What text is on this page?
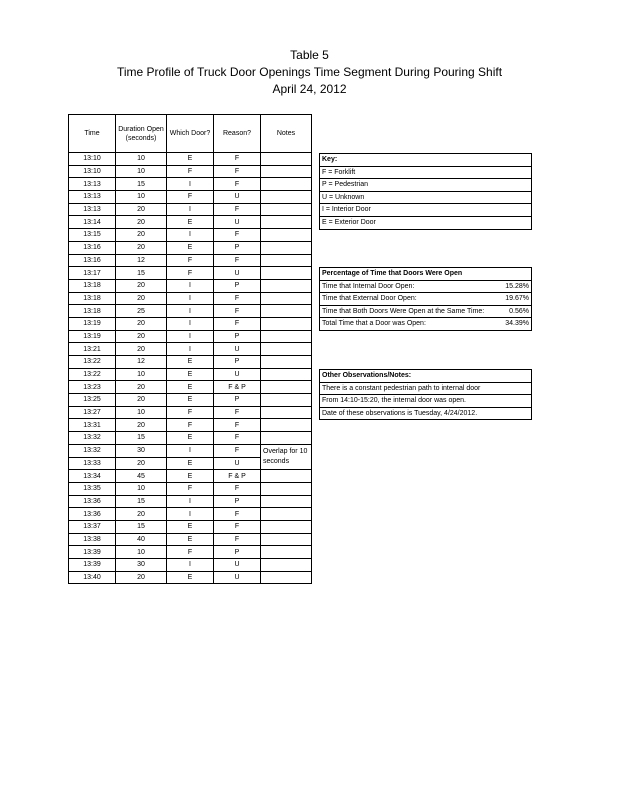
Table 5
Time Profile of Truck Door Openings Time Segment During Pouring Shift
April 24, 2012
Time	Duration Open (seconds)	Which Door?	Reason?	Notes
13:10	10	E	F	
13:10	10	F	F	
13:13	15	I	F	
13:13	10	F	U	
13:13	20	I	F	
13:14	20	E	U	
13:15	20	I	F	
13:16	20	E	P	
13:16	12	F	F	
13:17	15	F	U	
13:18	20	I	P	
13:18	20	I	F	
13:18	25	I	F	
13:19	20	I	F	
13:19	20	I	P	
13:21	20	I	U	
13:22	12	E	P	
13:22	10	E	U	
13:23	20	E	F & P	
13:25	20	E	P	
13:27	10	F	F	
13:31	20	F	F	
13:32	15	E	F	
13:32	30	I	F	Overlap for 10 seconds
13:33	20	E	U	
13:34	45	E	F & P	
13:35	10	F	F	
13:36	15	I	P	
13:36	20	I	F	
13:37	15	E	F	
13:38	40	E	F	
13:39	10	F	P	
13:39	30	I	U	
13:40	20	E	U	
Key:
F = Forklift
P = Pedestrian
U = Unknown
I = Interior Door
E = Exterior Door
Percentage of Time that Doors Were Open
Time that Internal Door Open:	15.28%
Time that External Door Open:	19.67%
Time that Both Doors Were Open at the Same Time:	0.56%
Total Time that a Door was Open:	34.39%
Other Observations/Notes:
There is a constant pedestrian path to internal door
From 14:10-15:20, the internal door was open.
Date of these observations is Tuesday, 4/24/2012.
